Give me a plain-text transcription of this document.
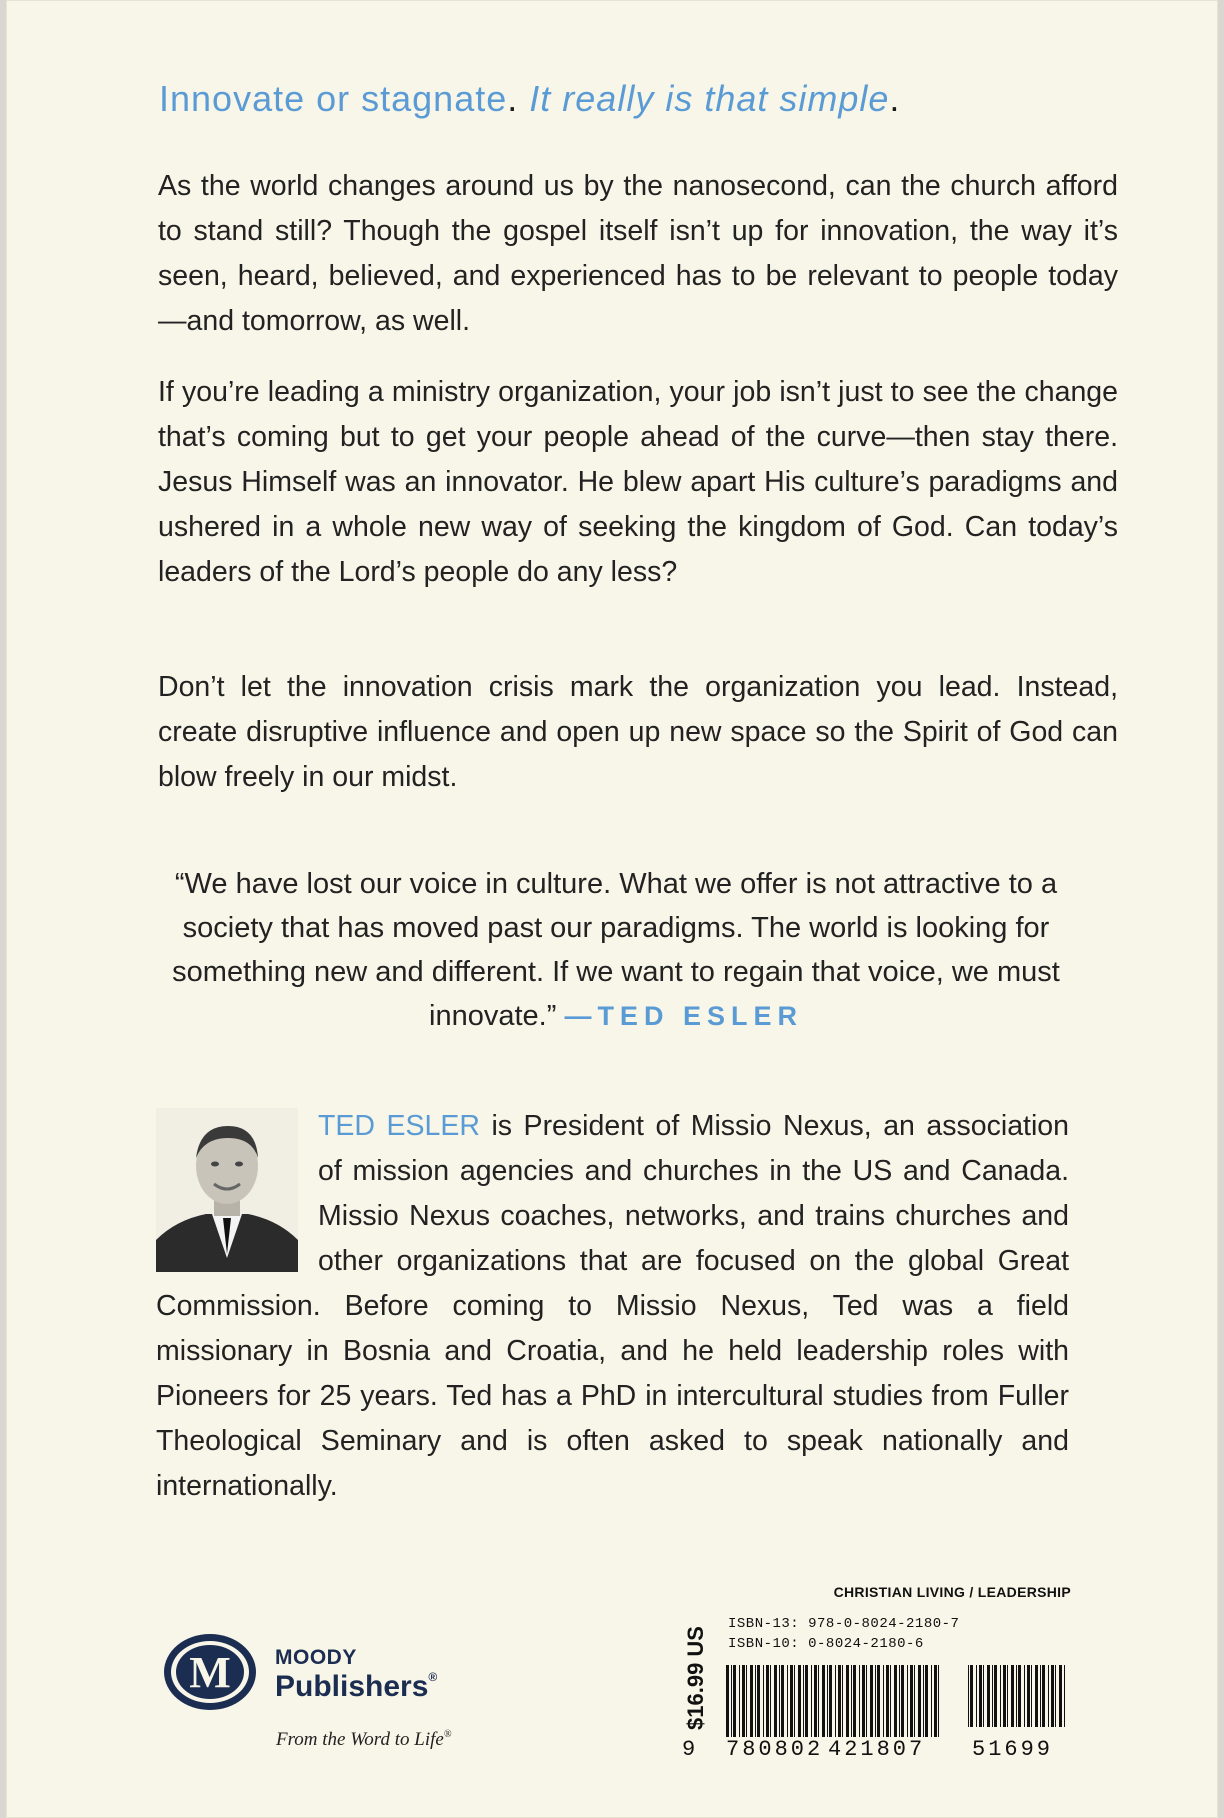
Innovate or stagnate. It really is that simple.
As the world changes around us by the nanosecond, can the church afford to stand still? Though the gospel itself isn’t up for innovation, the way it’s seen, heard, believed, and experienced has to be relevant to people today—and tomorrow, as well.
If you’re leading a ministry organization, your job isn’t just to see the change that’s coming but to get your people ahead of the curve—then stay there. Jesus Himself was an innovator. He blew apart His culture’s paradigms and ushered in a whole new way of seeking the kingdom of God. Can today’s leaders of the Lord’s people do any less?
Don’t let the innovation crisis mark the organization you lead. Instead, create disruptive influence and open up new space so the Spirit of God can blow freely in our midst.
“We have lost our voice in culture. What we offer is not attractive to a society that has moved past our paradigms. The world is looking for something new and different. If we want to regain that voice, we must innovate.” —TED ESLER

TED ESLER is President of Missio Nexus, an association of mission agencies and churches in the US and Canada. Missio Nexus coaches, networks, and trains churches and other organizations that are focused on the global Great Commission. Before coming to Missio Nexus, Ted was a field missionary in Bosnia and Croatia, and he held leadership roles with Pioneers for 25 years. Ted has a PhD in intercultural studies from Fuller Theological Seminary and is often asked to speak nationally and internationally.

CHRISTIAN LIVING / LEADERSHIP
M MOODY
Publishers®
From the Word to Life®
$16.99 US
ISBN-13: 978-0-8024-2180-7
ISBN-10: 0-8024-2180-6
9 780802 421807 51699
